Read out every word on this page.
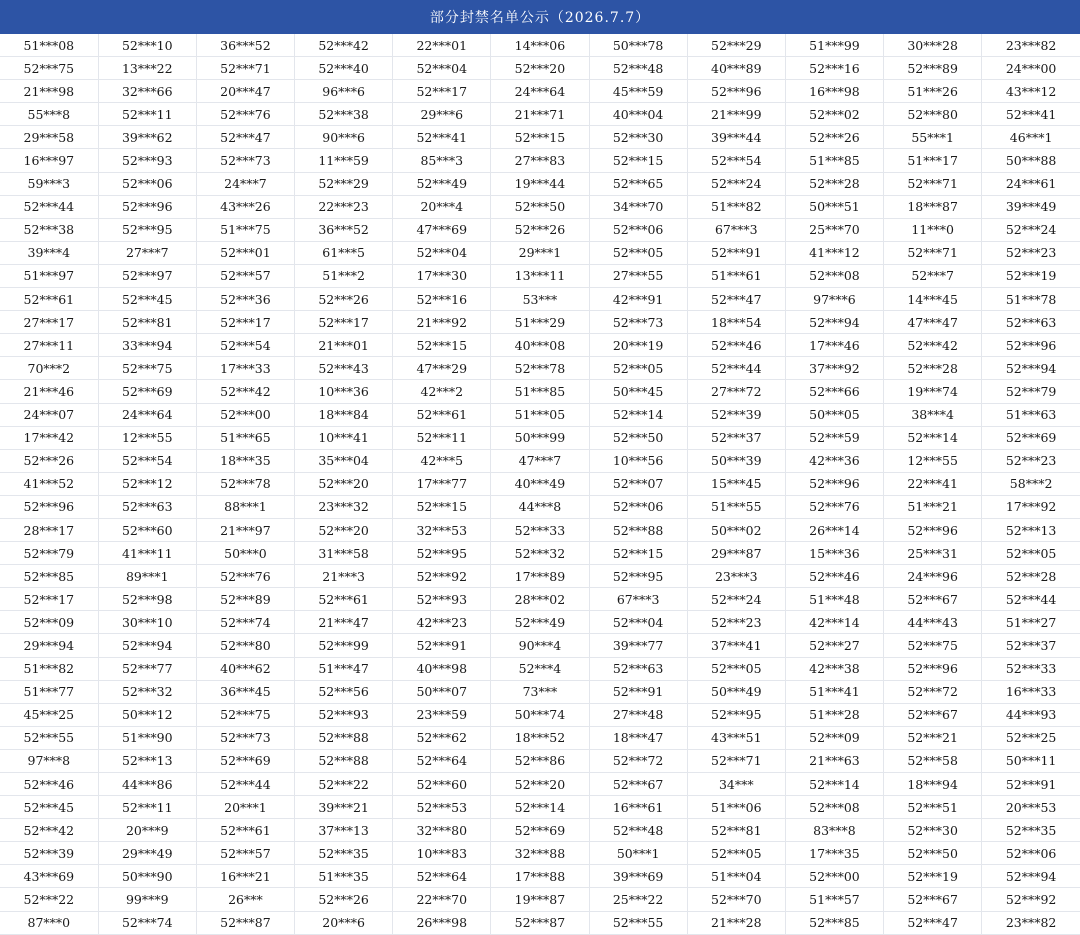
部分封禁名单公示（2026.7.7）
51***08	52***10	36***52	52***42	22***01	14***06	50***78	52***29	51***99	30***28	23***82
52***75	13***22	52***71	52***40	52***04	52***20	52***48	40***89	52***16	52***89	24***00
21***98	32***66	20***47	96***6	52***17	24***64	45***59	52***96	16***98	51***26	43***12
55***8	52***11	52***76	52***38	29***6	21***71	40***04	21***99	52***02	52***80	52***41
29***58	39***62	52***47	90***6	52***41	52***15	52***30	39***44	52***26	55***1	46***1
16***97	52***93	52***73	11***59	85***3	27***83	52***15	52***54	51***85	51***17	50***88
59***3	52***06	24***7	52***29	52***49	19***44	52***65	52***24	52***28	52***71	24***61
52***44	52***96	43***26	22***23	20***4	52***50	34***70	51***82	50***51	18***87	39***49
52***38	52***95	51***75	36***52	47***69	52***26	52***06	67***3	25***70	11***0	52***24
39***4	27***7	52***01	61***5	52***04	29***1	52***05	52***91	41***12	52***71	52***23
51***97	52***97	52***57	51***2	17***30	13***11	27***55	51***61	52***08	52***7	52***19
52***61	52***45	52***36	52***26	52***16	53***	42***91	52***47	97***6	14***45	51***78
27***17	52***81	52***17	52***17	21***92	51***29	52***73	18***54	52***94	47***47	52***63
27***11	33***94	52***54	21***01	52***15	40***08	20***19	52***46	17***46	52***42	52***96
70***2	52***75	17***33	52***43	47***29	52***78	52***05	52***44	37***92	52***28	52***94
21***46	52***69	52***42	10***36	42***2	51***85	50***45	27***72	52***66	19***74	52***79
24***07	24***64	52***00	18***84	52***61	51***05	52***14	52***39	50***05	38***4	51***63
17***42	12***55	51***65	10***41	52***11	50***99	52***50	52***37	52***59	52***14	52***69
52***26	52***54	18***35	35***04	42***5	47***7	10***56	50***39	42***36	12***55	52***23
41***52	52***12	52***78	52***20	17***77	40***49	52***07	15***45	52***96	22***41	58***2
52***96	52***63	88***1	23***32	52***15	44***8	52***06	51***55	52***76	51***21	17***92
28***17	52***60	21***97	52***20	32***53	52***33	52***88	50***02	26***14	52***96	52***13
52***79	41***11	50***0	31***58	52***95	52***32	52***15	29***87	15***36	25***31	52***05
52***85	89***1	52***76	21***3	52***92	17***89	52***95	23***3	52***46	24***96	52***28
52***17	52***98	52***89	52***61	52***93	28***02	67***3	52***24	51***48	52***67	52***44
52***09	30***10	52***74	21***47	42***23	52***49	52***04	52***23	42***14	44***43	51***27
29***94	52***94	52***80	52***99	52***91	90***4	39***77	37***41	52***27	52***75	52***37
51***82	52***77	40***62	51***47	40***98	52***4	52***63	52***05	42***38	52***96	52***33
51***77	52***32	36***45	52***56	50***07	73***	52***91	50***49	51***41	52***72	16***33
45***25	50***12	52***75	52***93	23***59	50***74	27***48	52***95	51***28	52***67	44***93
52***55	51***90	52***73	52***88	52***62	18***52	18***47	43***51	52***09	52***21	52***25
97***8	52***13	52***69	52***88	52***64	52***86	52***72	52***71	21***63	52***58	50***11
52***46	44***86	52***44	52***22	52***60	52***20	52***67	34***	52***14	18***94	52***91
52***45	52***11	20***1	39***21	52***53	52***14	16***61	51***06	52***08	52***51	20***53
52***42	20***9	52***61	37***13	32***80	52***69	52***48	52***81	83***8	52***30	52***35
52***39	29***49	52***57	52***35	10***83	32***88	50***1	52***05	17***35	52***50	52***06
43***69	50***90	16***21	51***35	52***64	17***88	39***69	51***04	52***00	52***19	52***94
52***22	99***9	26***	52***26	22***70	19***87	25***22	52***70	51***57	52***67	52***92
87***0	52***74	52***87	20***6	26***98	52***87	52***55	21***28	52***85	52***47	23***82
